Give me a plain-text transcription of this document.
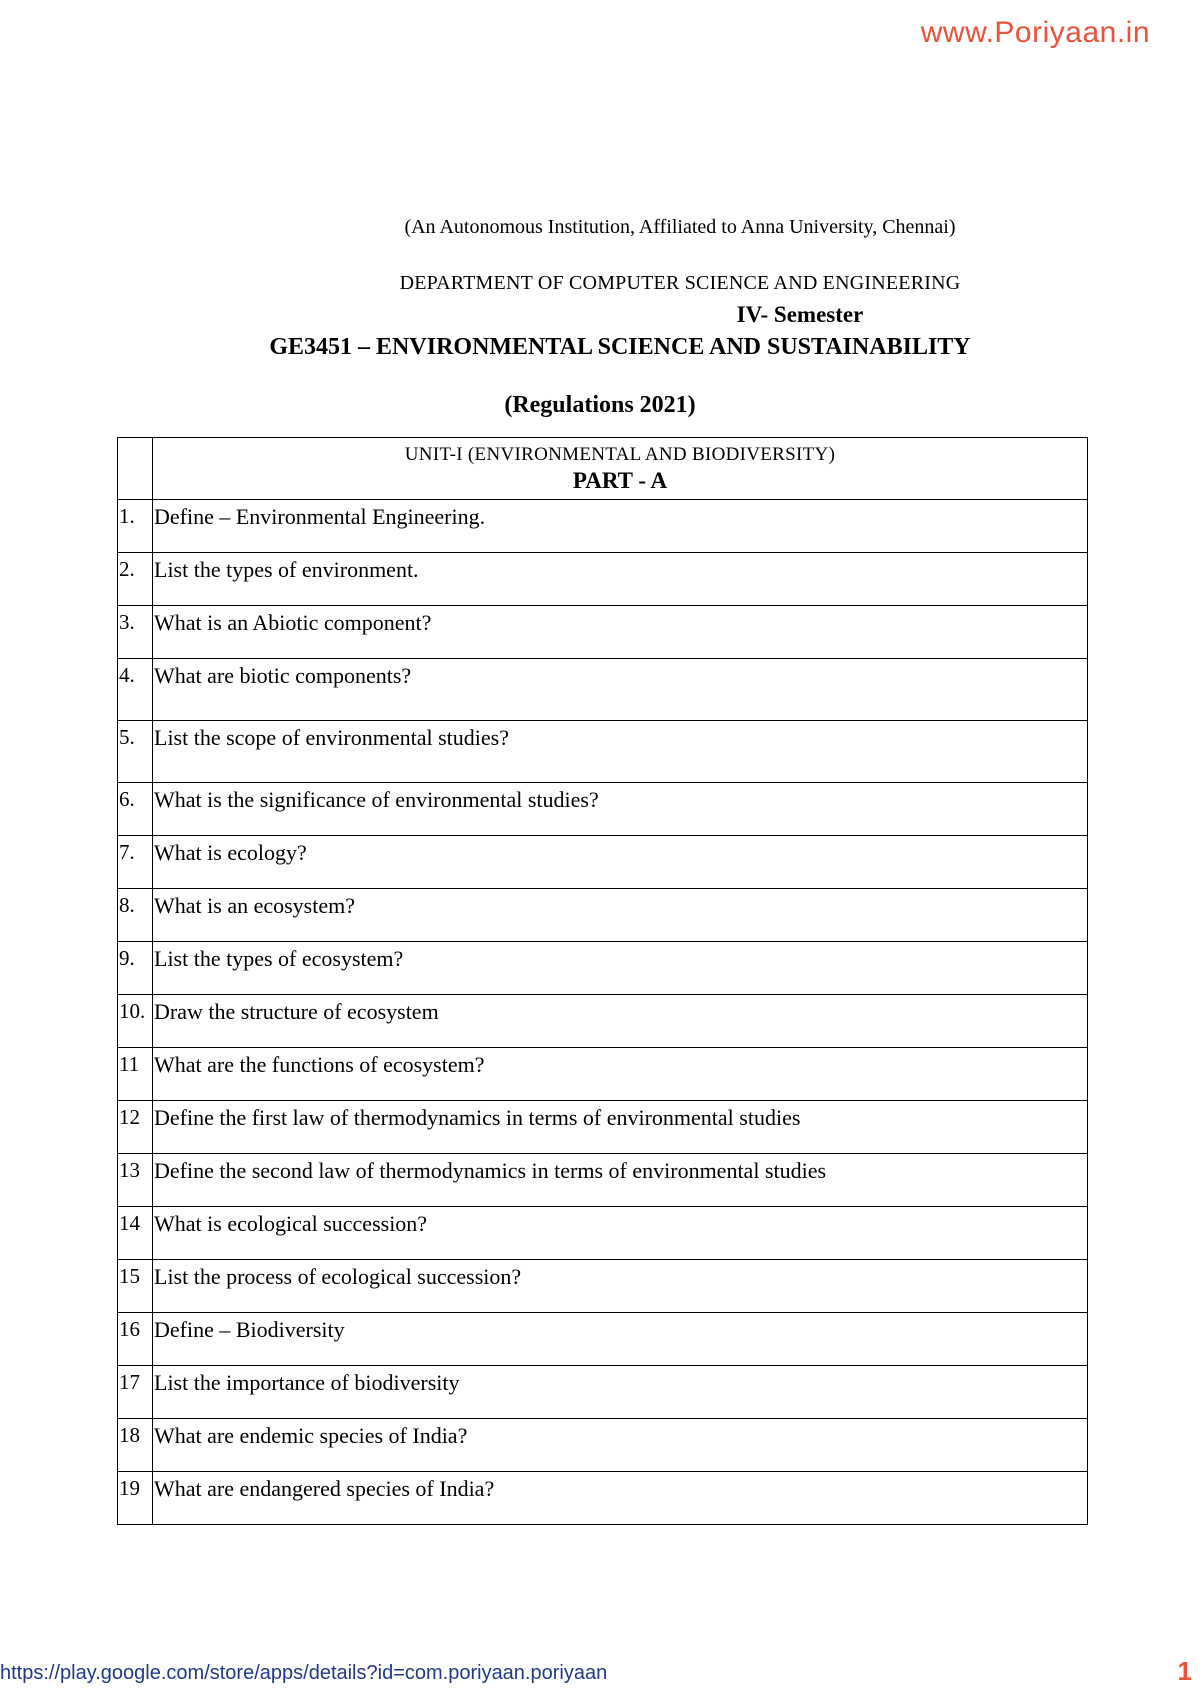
www.Poriyaan.in
(An Autonomous Institution, Affiliated to Anna University, Chennai)
DEPARTMENT OF COMPUTER SCIENCE AND ENGINEERING
IV- Semester
GE3451 – ENVIRONMENTAL SCIENCE AND SUSTAINABILITY
(Regulations 2021)

	UNIT-I (ENVIRONMENTAL AND BIODIVERSITY)
PART - A

1.	Define – Environmental Engineering.
2.	List the types of environment.
3.	What is an Abiotic component?
4.	What are biotic components?
5.	List the scope of environmental studies?
6.	What is the significance of environmental studies?
7.	What is ecology?
8.	What is an ecosystem?
9.	List the types of ecosystem?
10.	Draw the structure of ecosystem
11	What are the functions of ecosystem?
12	Define the first law of thermodynamics in terms of environmental studies
13	Define the second law of thermodynamics in terms of environmental studies
14	What is ecological succession?
15	List the process of ecological succession?
16	Define – Biodiversity
17	List the importance of biodiversity
18	What are endemic species of India?
19	What are endangered species of India?
https://play.google.com/store/apps/details?id=com.poriyaan.poriyaan	1
